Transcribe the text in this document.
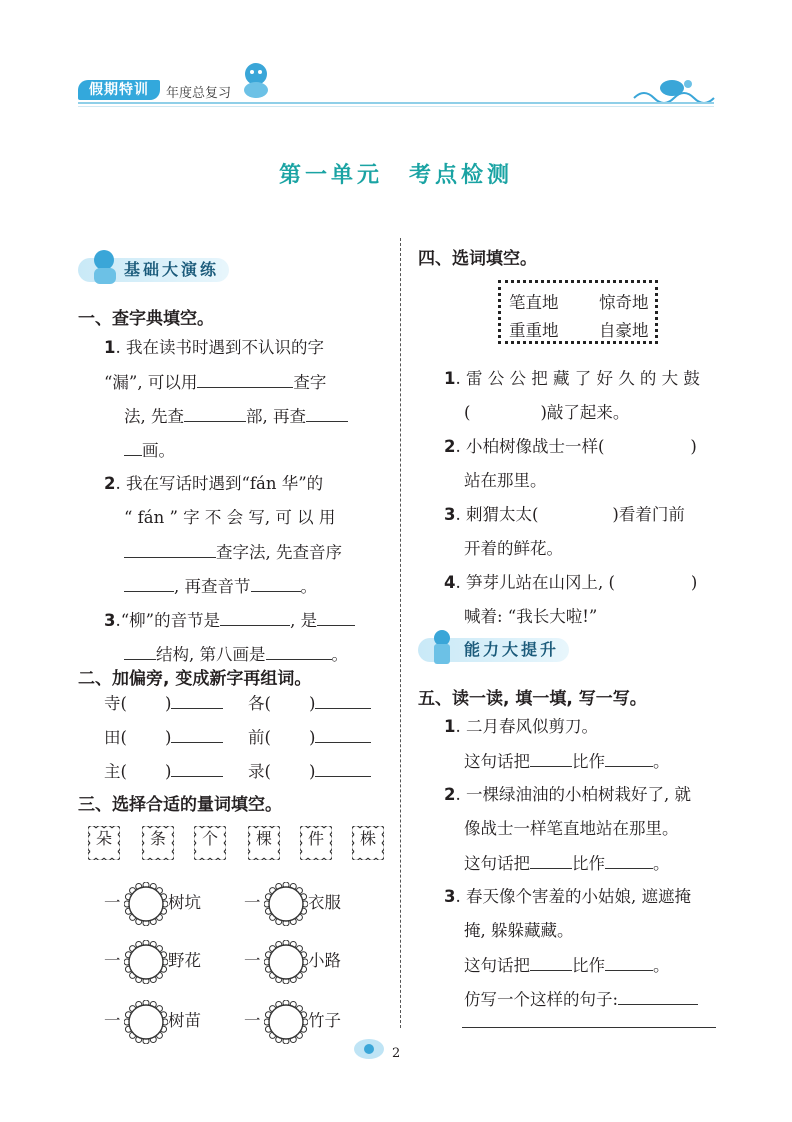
假期特训	年度总复习
第一单元　考点检测
基础大演练
一、查字典填空。
1. 我在读书时遇到不认识的字
“漏”, 可以用	查字
法, 先查	部, 再查
画。
2. 我在写话时遇到“fán 华”的
“ fán ” 字 不 会 写, 可 以 用
查字法, 先查音序
, 再查音节	。
3.“柳”的音节是	, 是
结构, 第八画是	。
二、加偏旁, 变成新字再组词。
寺( )	各( )
田( )	前( )
主( )	录( )
三、选择合适的量词填空。
朵	条	个	棵	件	株
一	树坑	一	衣服
一	野花	一	小路
一	树苗	一	竹子
四、选词填空。
笔直地 惊奇地
重重地 自豪地
1. 雷 公 公 把 藏 了 好 久 的 大 鼓
(	)敲了起来。
2. 小柏树像战士一样(	)
站在那里。
3. 刺猬太太(	)看着门前
开着的鲜花。
4. 笋芽儿站在山冈上, (	)
喊着: “我长大啦!”
能力大提升
五、读一读, 填一填, 写一写。
1. 二月春风似剪刀。
这句话把	比作	。
2. 一棵绿油油的小柏树栽好了, 就
像战士一样笔直地站在那里。
这句话把	比作	。
3. 春天像个害羞的小姑娘, 遮遮掩
掩, 躲躲藏藏。
这句话把	比作	。
仿写一个这样的句子:
2
